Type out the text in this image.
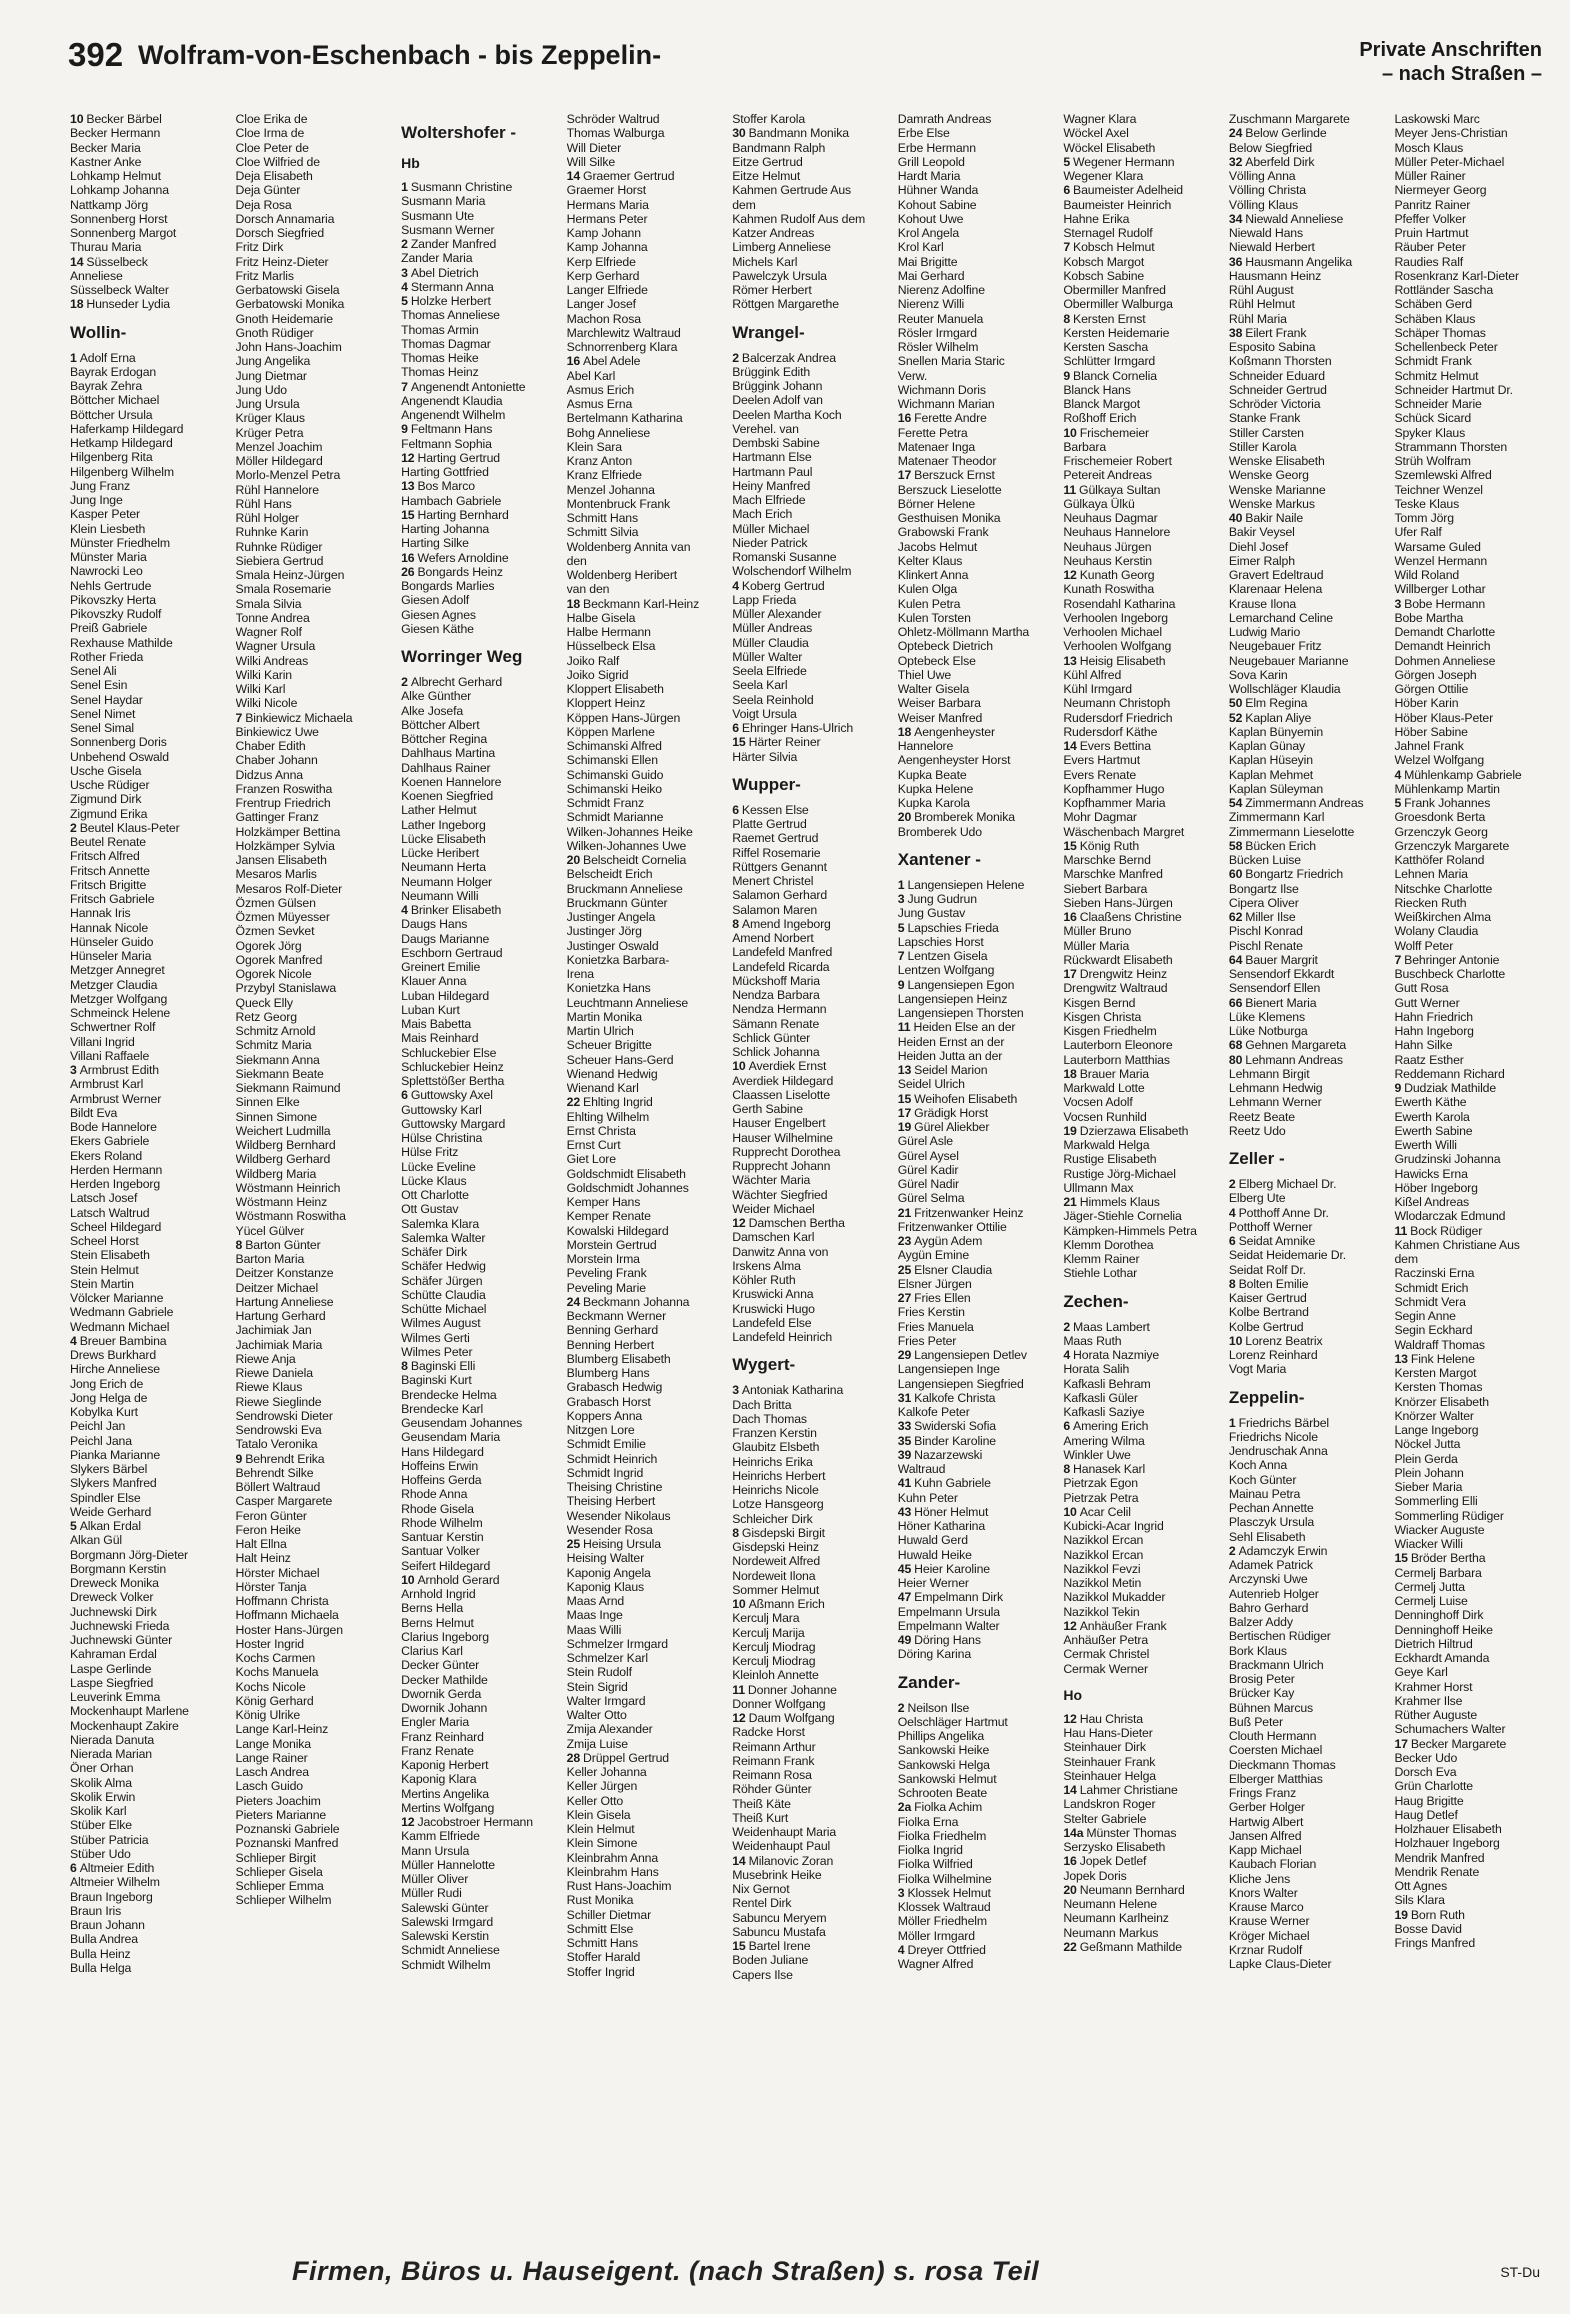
392 Wolfram-von-Eschenbach - bis Zeppelin-	Private Anschriften
– nach Straßen –
10 Becker Bärbel
Becker Hermann
Becker Maria
Kastner Anke
Lohkamp Helmut
Lohkamp Johanna
Nattkamp Jörg
Sonnenberg Horst
Sonnenberg Margot
Thurau Maria
14 Süsselbeck
Anneliese
Süsselbeck Walter
18 Hunseder Lydia
Wollin-
1 Adolf Erna
Bayrak Erdogan
Bayrak Zehra
Böttcher Michael
Böttcher Ursula
Haferkamp Hildegard
Hetkamp Hildegard
Hilgenberg Rita
Hilgenberg Wilhelm
Jung Franz
Jung Inge
Kasper Peter
Klein Liesbeth
Münster Friedhelm
Münster Maria
Nawrocki Leo
Nehls Gertrude
Pikovszky Herta
Pikovszky Rudolf
Preiß Gabriele
Rexhause Mathilde
Rother Frieda
Senel Ali
Senel Esin
Senel Haydar
Senel Nimet
Senel Simal
Sonnenberg Doris
Unbehend Oswald
Usche Gisela
Usche Rüdiger
Zigmund Dirk
Zigmund Erika
2 Beutel Klaus-Peter
Beutel Renate
Fritsch Alfred
Fritsch Annette
Fritsch Brigitte
Fritsch Gabriele
Hannak Iris
Hannak Nicole
Hünseler Guido
Hünseler Maria
Metzger Annegret
Metzger Claudia
Metzger Wolfgang
Schmeinck Helene
Schwertner Rolf
Villani Ingrid
Villani Raffaele
3 Armbrust Edith
Armbrust Karl
Armbrust Werner
Bildt Eva
Bode Hannelore
Ekers Gabriele
Ekers Roland
Herden Hermann
Herden Ingeborg
Latsch Josef
Latsch Waltrud
Scheel Hildegard
Scheel Horst
Stein Elisabeth
Stein Helmut
Stein Martin
Völcker Marianne
Wedmann Gabriele
Wedmann Michael
4 Breuer Bambina
Drews Burkhard
Hirche Anneliese
Jong Erich de
Jong Helga de
Kobylka Kurt
Peichl Jan
Peichl Jana
Pianka Marianne
Slykers Bärbel
Slykers Manfred
Spindler Else
Weide Gerhard
5 Alkan Erdal
Alkan Gül
Borgmann Jörg-Dieter
Borgmann Kerstin
Dreweck Monika
Dreweck Volker
Juchnewski Dirk
Juchnewski Frieda
Juchnewski Günter
Kahraman Erdal
Laspe Gerlinde
Laspe Siegfried
Leuverink Emma
Mockenhaupt Marlene
Mockenhaupt Zakire
Nierada Danuta
Nierada Marian
Öner Orhan
Skolik Alma
Skolik Erwin
Skolik Karl
Stüber Elke
Stüber Patricia
Stüber Udo
6 Altmeier Edith
Altmeier Wilhelm
Braun Ingeborg
Braun Iris
Braun Johann
Bulla Andrea
Bulla Heinz
Bulla Helga
Cloe Erika de
Cloe Irma de
Cloe Peter de
Cloe Wilfried de
Deja Elisabeth
Deja Günter
Deja Rosa
Dorsch Annamaria
Dorsch Siegfried
Fritz Dirk
Fritz Heinz-Dieter
Fritz Marlis
Gerbatowski Gisela
Gerbatowski Monika
Gnoth Heidemarie
Gnoth Rüdiger
John Hans-Joachim
Jung Angelika
Jung Dietmar
Jung Udo
Jung Ursula
Krüger Klaus
Krüger Petra
Menzel Joachim
Möller Hildegard
Morlo-Menzel Petra
Rühl Hannelore
Rühl Hans
Rühl Holger
Ruhnke Karin
Ruhnke Rüdiger
Siebiera Gertrud
Smala Heinz-Jürgen
Smala Rosemarie
Smala Silvia
Tonne Andrea
Wagner Rolf
Wagner Ursula
Wilki Andreas
Wilki Karin
Wilki Karl
Wilki Nicole
7 Binkiewicz Michaela
Binkiewicz Uwe
Chaber Edith
Chaber Johann
Didzus Anna
Franzen Roswitha
Frentrup Friedrich
Gattinger Franz
Holzkämper Bettina
Holzkämper Sylvia
Jansen Elisabeth
Mesaros Marlis
Mesaros Rolf-Dieter
Özmen Gülsen
Özmen Müyesser
Özmen Sevket
Ogorek Jörg
Ogorek Manfred
Ogorek Nicole
Przybyl Stanislawa
Queck Elly
Retz Georg
Schmitz Arnold
Schmitz Maria
Siekmann Anna
Siekmann Beate
Siekmann Raimund
Sinnen Elke
Sinnen Simone
Weichert Ludmilla
Wildberg Bernhard
Wildberg Gerhard
Wildberg Maria
Wöstmann Heinrich
Wöstmann Heinz
Wöstmann Roswitha
Yücel Gülver
8 Barton Günter
Barton Maria
Deitzer Konstanze
Deitzer Michael
Hartung Anneliese
Hartung Gerhard
Jachimiak Jan
Jachimiak Maria
Riewe Anja
Riewe Daniela
Riewe Klaus
Riewe Sieglinde
Sendrowski Dieter
Sendrowski Eva
Tatalo Veronika
9 Behrendt Erika
Behrendt Silke
Böllert Waltraud
Casper Margarete
Feron Günter
Feron Heike
Halt Ellna
Halt Heinz
Hörster Michael
Hörster Tanja
Hoffmann Christa
Hoffmann Michaela
Hoster Hans-Jürgen
Hoster Ingrid
Kochs Carmen
Kochs Manuela
Kochs Nicole
König Gerhard
König Ulrike
Lange Karl-Heinz
Lange Monika
Lange Rainer
Lasch Andrea
Lasch Guido
Pieters Joachim
Pieters Marianne
Poznanski Gabriele
Poznanski Manfred
Schlieper Birgit
Schlieper Gisela
Schlieper Emma
Schlieper Wilhelm
Woltershofer -
Hb
1 Susmann Christine
Susmann Maria
Susmann Ute
Susmann Werner
2 Zander Manfred
Zander Maria
3 Abel Dietrich
4 Stermann Anna
5 Holzke Herbert
Thomas Anneliese
Thomas Armin
Thomas Dagmar
Thomas Heike
Thomas Heinz
7 Angenendt Antoniette
Angenendt Klaudia
Angenendt Wilhelm
9 Feltmann Hans
Feltmann Sophia
12 Harting Gertrud
Harting Gottfried
13 Bos Marco
Hambach Gabriele
15 Harting Bernhard
Harting Johanna
Harting Silke
16 Wefers Arnoldine
26 Bongards Heinz
Bongards Marlies
Giesen Adolf
Giesen Agnes
Giesen Käthe
Worringer Weg
2 Albrecht Gerhard
Alke Günther
Alke Josefa
Böttcher Albert
Böttcher Regina
Dahlhaus Martina
Dahlhaus Rainer
Koenen Hannelore
Koenen Siegfried
Lather Helmut
Lather Ingeborg
Lücke Elisabeth
Lücke Heribert
Neumann Herta
Neumann Holger
Neumann Willi
4 Brinker Elisabeth
Daugs Hans
Daugs Marianne
Eschborn Gertraud
Greinert Emilie
Klauer Anna
Luban Hildegard
Luban Kurt
Mais Babetta
Mais Reinhard
Schluckebier Else
Schluckebier Heinz
Splettstößer Bertha
6 Guttowsky Axel
Guttowsky Karl
Guttowsky Margard
Hülse Christina
Hülse Fritz
Lücke Eveline
Lücke Klaus
Ott Charlotte
Ott Gustav
Salemka Klara
Salemka Walter
Schäfer Dirk
Schäfer Hedwig
Schäfer Jürgen
Schütte Claudia
Schütte Michael
Wilmes August
Wilmes Gerti
Wilmes Peter
8 Baginski Elli
Baginski Kurt
Brendecke Helma
Brendecke Karl
Geusendam Johannes
Geusendam Maria
Hans Hildegard
Hoffeins Erwin
Hoffeins Gerda
Rhode Anna
Rhode Gisela
Rhode Wilhelm
Santuar Kerstin
Santuar Volker
Seifert Hildegard
10 Arnhold Gerard
Arnhold Ingrid
Berns Hella
Berns Helmut
Clarius Ingeborg
Clarius Karl
Decker Günter
Decker Mathilde
Dwornik Gerda
Dwornik Johann
Engler Maria
Franz Reinhard
Franz Renate
Kaponig Herbert
Kaponig Klara
Mertins Angelika
Mertins Wolfgang
12 Jacobstroer Hermann
Kamm Elfriede
Mann Ursula
Müller Hannelotte
Müller Oliver
Müller Rudi
Salewski Günter
Salewski Irmgard
Salewski Kerstin
Schmidt Anneliese
Schmidt Wilhelm
Schröder Waltrud
Thomas Walburga
Will Dieter
Will Silke
14 Graemer Gertrud
Graemer Horst
Hermans Maria
Hermans Peter
Kamp Johann
Kamp Johanna
Kerp Elfriede
Kerp Gerhard
Langer Elfriede
Langer Josef
Machon Rosa
Marchlewitz Waltraud
Schnorrenberg Klara
16 Abel Adele
Abel Karl
Asmus Erich
Asmus Erna
Bertelmann Katharina
Bohg Anneliese
Klein Sara
Kranz Anton
Kranz Elfriede
Menzel Johanna
Montenbruck Frank
Schmitt Hans
Schmitt Silvia
Woldenberg Annita van
den
Woldenberg Heribert
van den
18 Beckmann Karl-Heinz
Halbe Gisela
Halbe Hermann
Hüsselbeck Elsa
Joiko Ralf
Joiko Sigrid
Kloppert Elisabeth
Kloppert Heinz
Köppen Hans-Jürgen
Köppen Marlene
Schimanski Alfred
Schimanski Ellen
Schimanski Guido
Schimanski Heiko
Schmidt Franz
Schmidt Marianne
Wilken-Johannes Heike
Wilken-Johannes Uwe
20 Belscheidt Cornelia
Belscheidt Erich
Bruckmann Anneliese
Bruckmann Günter
Justinger Angela
Justinger Jörg
Justinger Oswald
Konietzka Barbara-
Irena
Konietzka Hans
Leuchtmann Anneliese
Martin Monika
Martin Ulrich
Scheuer Brigitte
Scheuer Hans-Gerd
Wienand Hedwig
Wienand Karl
22 Ehlting Ingrid
Ehlting Wilhelm
Ernst Christa
Ernst Curt
Giet Lore
Goldschmidt Elisabeth
Goldschmidt Johannes
Kemper Hans
Kemper Renate
Kowalski Hildegard
Morstein Gertrud
Morstein Irma
Peveling Frank
Peveling Marie
24 Beckmann Johanna
Beckmann Werner
Benning Gerhard
Benning Herbert
Blumberg Elisabeth
Blumberg Hans
Grabasch Hedwig
Grabasch Horst
Koppers Anna
Nitzgen Lore
Schmidt Emilie
Schmidt Heinrich
Schmidt Ingrid
Theising Christine
Theising Herbert
Wesender Nikolaus
Wesender Rosa
25 Heising Ursula
Heising Walter
Kaponig Angela
Kaponig Klaus
Maas Arnd
Maas Inge
Maas Willi
Schmelzer Irmgard
Schmelzer Karl
Stein Rudolf
Stein Sigrid
Walter Irmgard
Walter Otto
Zmija Alexander
Zmija Luise
28 Drüppel Gertrud
Keller Johanna
Keller Jürgen
Keller Otto
Klein Gisela
Klein Helmut
Klein Simone
Kleinbrahm Anna
Kleinbrahm Hans
Rust Hans-Joachim
Rust Monika
Schiller Dietmar
Schmitt Else
Schmitt Hans
Stoffer Harald
Stoffer Ingrid
Stoffer Karola
30 Bandmann Monika
Bandmann Ralph
Eitze Gertrud
Eitze Helmut
Kahmen Gertrude Aus
dem
Kahmen Rudolf Aus dem
Katzer Andreas
Limberg Anneliese
Michels Karl
Pawelczyk Ursula
Römer Herbert
Röttgen Margarethe
Wrangel-
2 Balcerzak Andrea
Brüggink Edith
Brüggink Johann
Deelen Adolf van
Deelen Martha Koch
Verehel. van
Dembski Sabine
Hartmann Else
Hartmann Paul
Heiny Manfred
Mach Elfriede
Mach Erich
Müller Michael
Nieder Patrick
Romanski Susanne
Wolschendorf Wilhelm
4 Koberg Gertrud
Lapp Frieda
Müller Alexander
Müller Andreas
Müller Claudia
Müller Walter
Seela Elfriede
Seela Karl
Seela Reinhold
Voigt Ursula
6 Ehringer Hans-Ulrich
15 Härter Reiner
Härter Silvia
Wupper-
6 Kessen Else
Platte Gertrud
Raemet Gertrud
Riffel Rosemarie
Rüttgers Genannt
Menert Christel
Salamon Gerhard
Salamon Maren
8 Amend Ingeborg
Amend Norbert
Landefeld Manfred
Landefeld Ricarda
Mückshoff Maria
Nendza Barbara
Nendza Hermann
Sämann Renate
Schlick Günter
Schlick Johanna
10 Averdiek Ernst
Averdiek Hildegard
Claassen Liselotte
Gerth Sabine
Hauser Engelbert
Hauser Wilhelmine
Rupprecht Dorothea
Rupprecht Johann
Wächter Maria
Wächter Siegfried
Weider Michael
12 Damschen Bertha
Damschen Karl
Danwitz Anna von
Irskens Alma
Köhler Ruth
Kruswicki Anna
Kruswicki Hugo
Landefeld Else
Landefeld Heinrich
Wygert-
3 Antoniak Katharina
Dach Britta
Dach Thomas
Franzen Kerstin
Glaubitz Elsbeth
Heinrichs Erika
Heinrichs Herbert
Heinrichs Nicole
Lotze Hansgeorg
Schleicher Dirk
8 Gisdepski Birgit
Gisdepski Heinz
Nordeweit Alfred
Nordeweit Ilona
Sommer Helmut
10 Aßmann Erich
Kerculj Mara
Kerculj Marija
Kerculj Miodrag
Kerculj Miodrag
Kleinloh Annette
11 Donner Johanne
Donner Wolfgang
12 Daum Wolfgang
Radcke Horst
Reimann Arthur
Reimann Frank
Reimann Rosa
Röhder Günter
Theiß Käte
Theiß Kurt
Weidenhaupt Maria
Weidenhaupt Paul
14 Milanovic Zoran
Musebrink Heike
Nix Gernot
Rentel Dirk
Sabuncu Meryem
Sabuncu Mustafa
15 Bartel Irene
Boden Juliane
Capers Ilse
Damrath Andreas
Erbe Else
Erbe Hermann
Grill Leopold
Hardt Maria
Hühner Wanda
Kohout Sabine
Kohout Uwe
Krol Angela
Krol Karl
Mai Brigitte
Mai Gerhard
Nierenz Adolfine
Nierenz Willi
Reuter Manuela
Rösler Irmgard
Rösler Wilhelm
Snellen Maria Staric
Verw.
Wichmann Doris
Wichmann Marian
16 Ferette Andre
Ferette Petra
Matenaer Inga
Matenaer Theodor
17 Berszuck Ernst
Berszuck Lieselotte
Börner Helene
Gesthuisen Monika
Grabowski Frank
Jacobs Helmut
Kelter Klaus
Klinkert Anna
Kulen Olga
Kulen Petra
Kulen Torsten
Ohletz-Möllmann Martha
Optebeck Dietrich
Optebeck Else
Thiel Uwe
Walter Gisela
Weiser Barbara
Weiser Manfred
18 Aengenheyster
Hannelore
Aengenheyster Horst
Kupka Beate
Kupka Helene
Kupka Karola
20 Bromberek Monika
Bromberek Udo
Xantener -
1 Langensiepen Helene
3 Jung Gudrun
Jung Gustav
5 Lapschies Frieda
Lapschies Horst
7 Lentzen Gisela
Lentzen Wolfgang
9 Langensiepen Egon
Langensiepen Heinz
Langensiepen Thorsten
11 Heiden Else an der
Heiden Ernst an der
Heiden Jutta an der
13 Seidel Marion
Seidel Ulrich
15 Weihofen Elisabeth
17 Grädigk Horst
19 Gürel Aliekber
Gürel Asle
Gürel Aysel
Gürel Kadir
Gürel Nadir
Gürel Selma
21 Fritzenwanker Heinz
Fritzenwanker Ottilie
23 Aygün Adem
Aygün Emine
25 Elsner Claudia
Elsner Jürgen
27 Fries Ellen
Fries Kerstin
Fries Manuela
Fries Peter
29 Langensiepen Detlev
Langensiepen Inge
Langensiepen Siegfried
31 Kalkofe Christa
Kalkofe Peter
33 Swiderski Sofia
35 Binder Karoline
39 Nazarzewski
Waltraud
41 Kuhn Gabriele
Kuhn Peter
43 Höner Helmut
Höner Katharina
Huwald Gerd
Huwald Heike
45 Heier Karoline
Heier Werner
47 Empelmann Dirk
Empelmann Ursula
Empelmann Walter
49 Döring Hans
Döring Karina
Zander-
2 Neilson Ilse
Oelschläger Hartmut
Phillips Angelika
Sankowski Heike
Sankowski Helga
Sankowski Helmut
Schrooten Beate
2a Fiolka Achim
Fiolka Erna
Fiolka Friedhelm
Fiolka Ingrid
Fiolka Wilfried
Fiolka Wilhelmine
3 Klossek Helmut
Klossek Waltraud
Möller Friedhelm
Möller Irmgard
4 Dreyer Ottfried
Wagner Alfred
Wagner Klara
Wöckel Axel
Wöckel Elisabeth
5 Wegener Hermann
Wegener Klara
6 Baumeister Adelheid
Baumeister Heinrich
Hahne Erika
Sternagel Rudolf
7 Kobsch Helmut
Kobsch Margot
Kobsch Sabine
Obermiller Manfred
Obermiller Walburga
8 Kersten Ernst
Kersten Heidemarie
Kersten Sascha
Schlütter Irmgard
9 Blanck Cornelia
Blanck Hans
Blanck Margot
Roßhoff Erich
10 Frischemeier
Barbara
Frischemeier Robert
Petereit Andreas
11 Gülkaya Sultan
Gülkaya Ülkü
Neuhaus Dagmar
Neuhaus Hannelore
Neuhaus Jürgen
Neuhaus Kerstin
12 Kunath Georg
Kunath Roswitha
Rosendahl Katharina
Verhoolen Ingeborg
Verhoolen Michael
Verhoolen Wolfgang
13 Heisig Elisabeth
Kühl Alfred
Kühl Irmgard
Neumann Christoph
Rudersdorf Friedrich
Rudersdorf Käthe
14 Evers Bettina
Evers Hartmut
Evers Renate
Kopfhammer Hugo
Kopfhammer Maria
Mohr Dagmar
Wäschenbach Margret
15 König Ruth
Marschke Bernd
Marschke Manfred
Siebert Barbara
Sieben Hans-Jürgen
16 Claaßens Christine
Müller Bruno
Müller Maria
Rückwardt Elisabeth
17 Drengwitz Heinz
Drengwitz Waltraud
Kisgen Bernd
Kisgen Christa
Kisgen Friedhelm
Lauterborn Eleonore
Lauterborn Matthias
18 Brauer Maria
Markwald Lotte
Vocsen Adolf
Vocsen Runhild
19 Dzierzawa Elisabeth
Markwald Helga
Rustige Elisabeth
Rustige Jörg-Michael
Ullmann Max
21 Himmels Klaus
Jäger-Stiehle Cornelia
Kämpken-Himmels Petra
Klemm Dorothea
Klemm Rainer
Stiehle Lothar
Zechen-
2 Maas Lambert
Maas Ruth
4 Horata Nazmiye
Horata Salih
Kafkasli Behram
Kafkasli Güler
Kafkasli Saziye
6 Amering Erich
Amering Wilma
Winkler Uwe
8 Hanasek Karl
Pietrzak Egon
Pietrzak Petra
10 Acar Celil
Kubicki-Acar Ingrid
Nazikkol Ercan
Nazikkol Ercan
Nazikkol Fevzi
Nazikkol Metin
Nazikkol Mukadder
Nazikkol Tekin
12 Anhäußer Frank
Anhäußer Petra
Cermak Christel
Cermak Werner
Ho
12 Hau Christa
Hau Hans-Dieter
Steinhauer Dirk
Steinhauer Frank
Steinhauer Helga
14 Lahmer Christiane
Landskron Roger
Stelter Gabriele
14a Münster Thomas
Serzysko Elisabeth
16 Jopek Detlef
Jopek Doris
20 Neumann Bernhard
Neumann Helene
Neumann Karlheinz
Neumann Markus
22 Geßmann Mathilde
Zuschmann Margarete
24 Below Gerlinde
Below Siegfried
32 Aberfeld Dirk
Völling Anna
Völling Christa
Völling Klaus
34 Niewald Anneliese
Niewald Hans
Niewald Herbert
36 Hausmann Angelika
Hausmann Heinz
Rühl August
Rühl Helmut
Rühl Maria
38 Eilert Frank
Esposito Sabina
Koßmann Thorsten
Schneider Eduard
Schneider Gertrud
Schröder Victoria
Stanke Frank
Stiller Carsten
Stiller Karola
Wenske Elisabeth
Wenske Georg
Wenske Marianne
Wenske Markus
40 Bakir Naile
Bakir Veysel
Diehl Josef
Eimer Ralph
Gravert Edeltraud
Klarenaar Helena
Krause Ilona
Lemarchand Celine
Ludwig Mario
Neugebauer Fritz
Neugebauer Marianne
Sova Karin
Wollschläger Klaudia
50 Elm Regina
52 Kaplan Aliye
Kaplan Bünyemin
Kaplan Günay
Kaplan Hüseyin
Kaplan Mehmet
Kaplan Süleyman
54 Zimmermann Andreas
Zimmermann Karl
Zimmermann Lieselotte
58 Bücken Erich
Bücken Luise
60 Bongartz Friedrich
Bongartz Ilse
Cipera Oliver
62 Miller Ilse
Pischl Konrad
Pischl Renate
64 Bauer Margrit
Sensendorf Ekkardt
Sensendorf Ellen
66 Bienert Maria
Lüke Klemens
Lüke Notburga
68 Gehnen Margareta
80 Lehmann Andreas
Lehmann Birgit
Lehmann Hedwig
Lehmann Werner
Reetz Beate
Reetz Udo
Zeller -
2 Elberg Michael Dr.
Elberg Ute
4 Potthoff Anne Dr.
Potthoff Werner
6 Seidat Amnike
Seidat Heidemarie Dr.
Seidat Rolf Dr.
8 Bolten Emilie
Kaiser Gertrud
Kolbe Bertrand
Kolbe Gertrud
10 Lorenz Beatrix
Lorenz Reinhard
Vogt Maria
Zeppelin-
1 Friedrichs Bärbel
Friedrichs Nicole
Jendruschak Anna
Koch Anna
Koch Günter
Mainau Petra
Pechan Annette
Plasczyk Ursula
Sehl Elisabeth
2 Adamczyk Erwin
Adamek Patrick
Arczynski Uwe
Autenrieb Holger
Bahro Gerhard
Balzer Addy
Bertischen Rüdiger
Bork Klaus
Brackmann Ulrich
Brosig Peter
Brücker Kay
Bühnen Marcus
Buß Peter
Clouth Hermann
Coersten Michael
Dieckmann Thomas
Elberger Matthias
Frings Franz
Gerber Holger
Hartwig Albert
Jansen Alfred
Kapp Michael
Kaubach Florian
Kliche Jens
Knors Walter
Krause Marco
Krause Werner
Kröger Michael
Krznar Rudolf
Lapke Claus-Dieter
Laskowski Marc
Meyer Jens-Christian
Mosch Klaus
Müller Peter-Michael
Müller Rainer
Niermeyer Georg
Panritz Rainer
Pfeffer Volker
Pruin Hartmut
Räuber Peter
Raudies Ralf
Rosenkranz Karl-Dieter
Rottländer Sascha
Schäben Gerd
Schäben Klaus
Schäper Thomas
Schellenbeck Peter
Schmidt Frank
Schmitz Helmut
Schneider Hartmut Dr.
Schneider Marie
Schück Sicard
Spyker Klaus
Strammann Thorsten
Strüh Wolfram
Szemlewski Alfred
Teichner Wenzel
Teske Klaus
Tomm Jörg
Ufer Ralf
Warsame Guled
Wenzel Hermann
Wild Roland
Willberger Lothar
3 Bobe Hermann
Bobe Martha
Demandt Charlotte
Demandt Heinrich
Dohmen Anneliese
Görgen Joseph
Görgen Ottilie
Höber Karin
Höber Klaus-Peter
Höber Sabine
Jahnel Frank
Welzel Wolfgang
4 Mühlenkamp Gabriele
Mühlenkamp Martin
5 Frank Johannes
Groesdonk Berta
Grzenczyk Georg
Grzenczyk Margarete
Katthöfer Roland
Lehnen Maria
Nitschke Charlotte
Riecken Ruth
Weißkirchen Alma
Wolany Claudia
Wolff Peter
7 Behringer Antonie
Buschbeck Charlotte
Gutt Rosa
Gutt Werner
Hahn Friedrich
Hahn Ingeborg
Hahn Silke
Raatz Esther
Reddemann Richard
9 Dudziak Mathilde
Ewerth Käthe
Ewerth Karola
Ewerth Sabine
Ewerth Willi
Grudzinski Johanna
Hawicks Erna
Höber Ingeborg
Kißel Andreas
Wlodarczak Edmund
11 Bock Rüdiger
Kahmen Christiane Aus
dem
Raczinski Erna
Schmidt Erich
Schmidt Vera
Segin Anne
Segin Eckhard
Waldraff Thomas
13 Fink Helene
Kersten Margot
Kersten Thomas
Knörzer Elisabeth
Knörzer Walter
Lange Ingeborg
Nöckel Jutta
Plein Gerda
Plein Johann
Sieber Maria
Sommerling Elli
Sommerling Rüdiger
Wiacker Auguste
Wiacker Willi
15 Bröder Bertha
Cermelj Barbara
Cermelj Jutta
Cermelj Luise
Denninghoff Dirk
Denninghoff Heike
Dietrich Hiltrud
Eckhardt Amanda
Geye Karl
Krahmer Horst
Krahmer Ilse
Rüther Auguste
Schumachers Walter
17 Becker Margarete
Becker Udo
Dorsch Eva
Grün Charlotte
Haug Brigitte
Haug Detlef
Holzhauer Elisabeth
Holzhauer Ingeborg
Mendrik Manfred
Mendrik Renate
Ott Agnes
Sils Klara
19 Born Ruth
Bosse David
Frings Manfred
Firmen, Büros u. Hauseigent. (nach Straßen) s. rosa Teil	ST-Du
